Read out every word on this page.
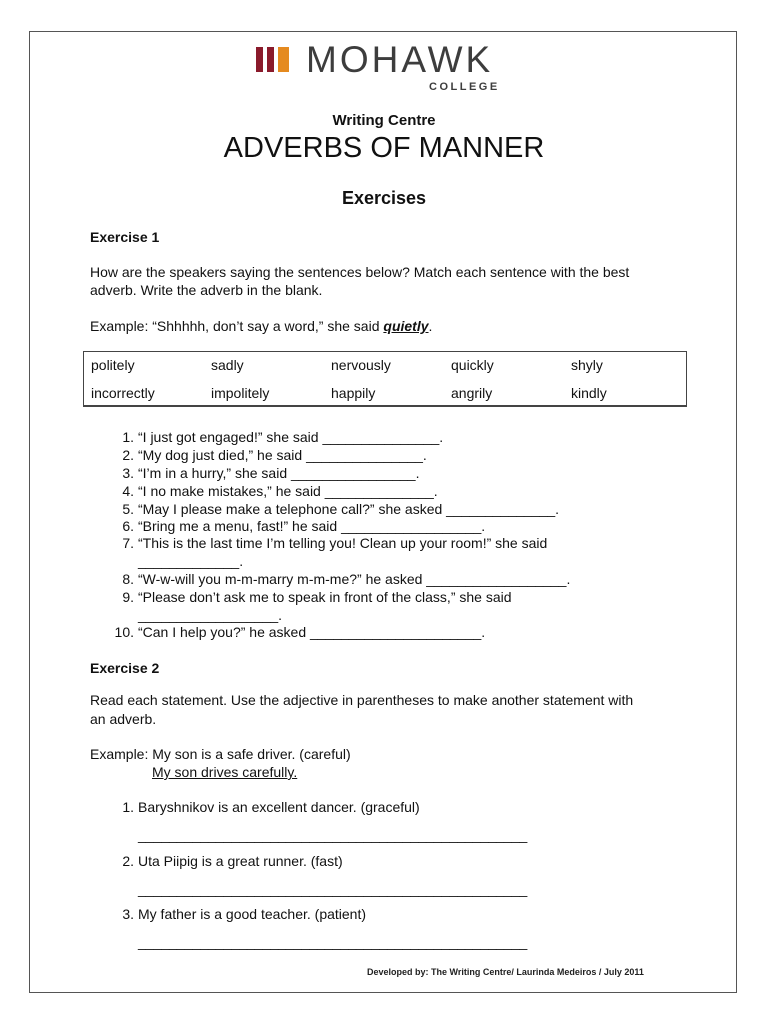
MOHAWK
COLLEGE
Writing Centre
ADVERBS OF MANNER
Exercises
Exercise 1
How are the speakers saying the sentences below? Match each sentence with the best
adverb. Write the adverb in the blank.
Example: “Shhhhh, don’t say a word,” she said quietly.
politely	sadly	nervously	quickly	shyly
incorrectly	impolitely	happily	angrily	kindly
1. “I just got engaged!” she said _______________.
2. “My dog just died,” he said _______________.
3. “I’m in a hurry,” she said ________________.
4. “I no make mistakes,” he said ______________.
5. “May I please make a telephone call?” she asked ______________.
6. “Bring me a menu, fast!” he said __________________.
7. “This is the last time I’m telling you! Clean up your room!” she said
_____________.
8. “W-w-will you m-m-marry m-m-me?” he asked __________________.
9. “Please don’t ask me to speak in front of the class,” she said
__________________.
10. “Can I help you?” he asked ______________________.
Exercise 2
Read each statement. Use the adjective in parentheses to make another statement with
an adverb.
Example: My son is a safe driver. (careful)
My son drives carefully.
1. Baryshnikov is an excellent dancer. (graceful)
__________________________________________________
2. Uta Piipig is a great runner. (fast)
__________________________________________________
3. My father is a good teacher. (patient)
__________________________________________________
Developed by: The Writing Centre/ Laurinda Medeiros / July 2011
